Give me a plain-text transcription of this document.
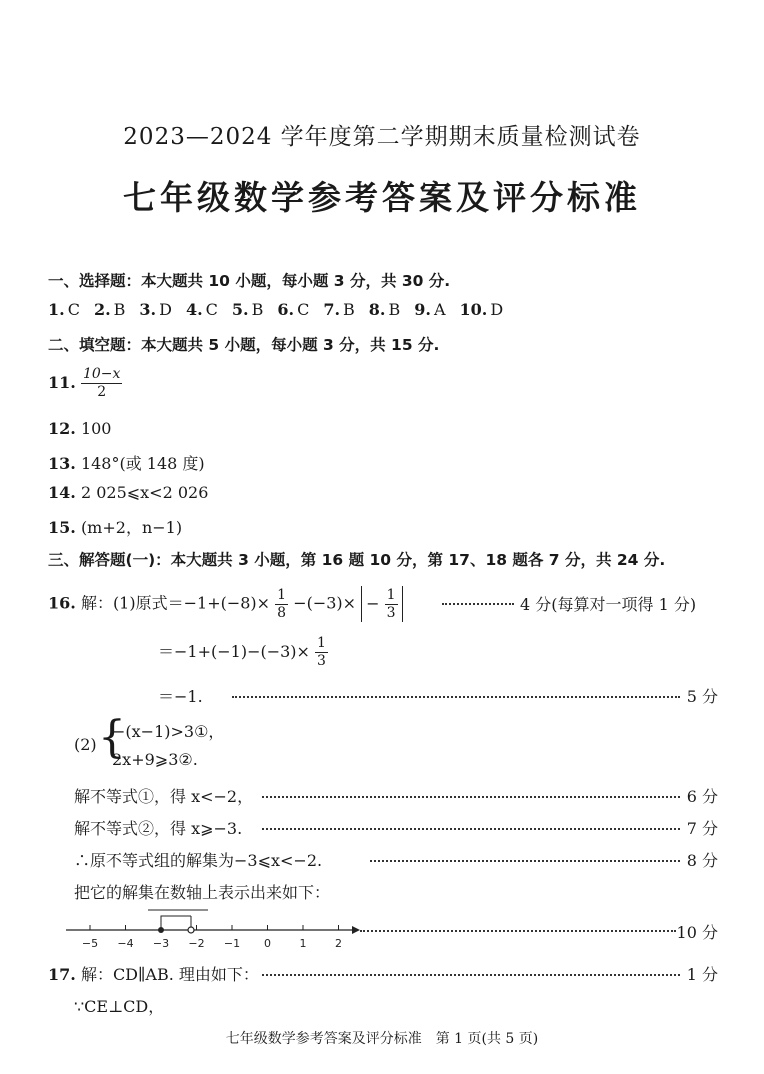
2023—2024 学年度第二学期期末质量检测试卷
七年级数学参考答案及评分标准
一、选择题：本大题共 10 小题，每小题 3 分，共 30 分.
1. C 2. B 3. D 4. C 5. B 6. C 7. B 8. B 9. A 10. D
二、填空题：本大题共 5 小题，每小题 3 分，共 15 分.
11. $\frac{10-x}{2}$
12. 100
13. 148°(或 148 度)
14. 2 025⩽x<2 026
15. (m+2，n−1)
三、解答题(一)：本大题共 3 小题，第 16 题 10 分，第 17、18 题各 7 分，共 24 分.
16. 解：(1)原式$=-1+(-8)\times \frac{1}{8} -(-3)\times - \frac{1}{3}$	4 分(每算对一项得 1 分)
$=-1+(-1)-(-3)\times \frac{1}{3}$
＝−1.	5 分
(2) {
−(x−1)>3①，
2x+9⩾3②.
解不等式①，得 x<−2，	6 分
解不等式②，得 x⩾−3.	7 分
∴原不等式组的解集为−3⩽x<−2.	8 分
把它的解集在数轴上表示出来如下：
−5 −4 −3 −2 −1 0	1	2
10 分
17. 解：CD∥AB. 理由如下：	1 分
∵CE⊥CD，
七年级数学参考答案及评分标准　第 1 页(共 5 页)
